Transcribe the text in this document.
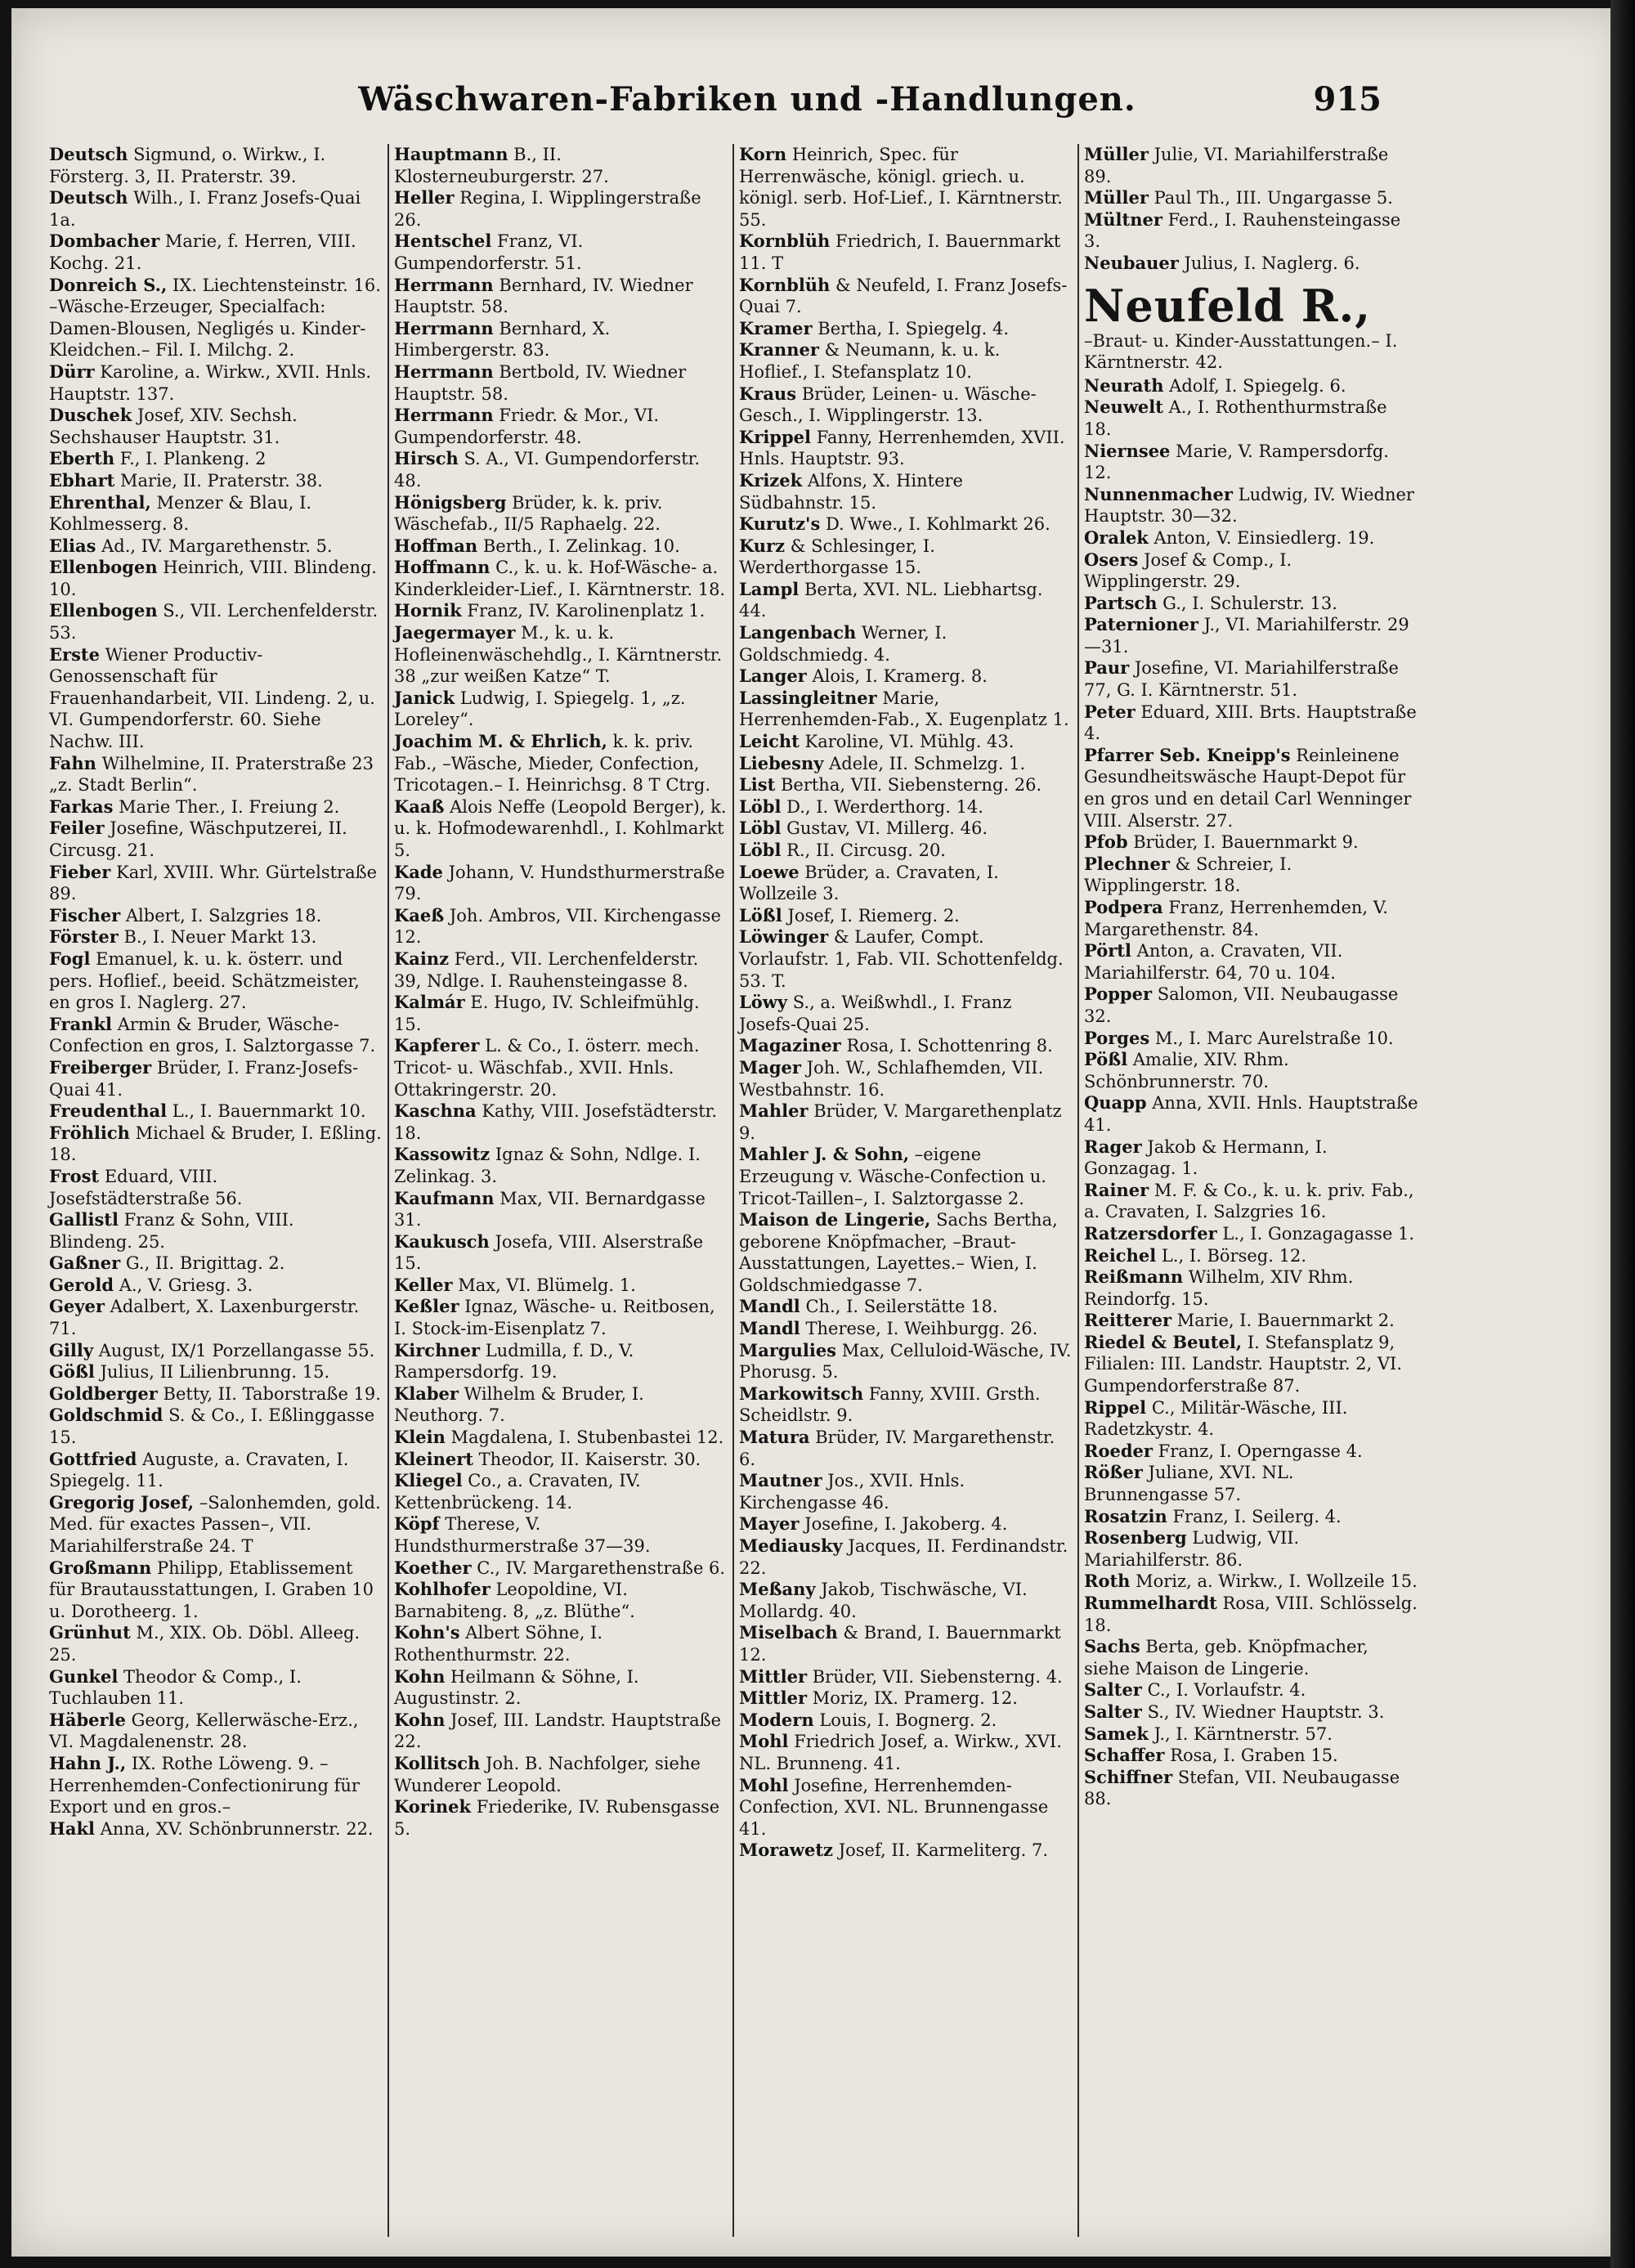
Wäschwaren-Fabriken und -Handlungen.	915

Deutsch Sigmund, o. Wirkw., I. Försterg. 3, II. Praterstr. 39.

Deutsch Wilh., I. Franz Josefs-Quai 1a.

Dombacher Marie, f. Herren, VIII. Kochg. 21.

Donreich S., IX. Liechtensteinstr. 16. –Wäsche-Erzeuger, Specialfach: Damen-Blousen, Negligés u. Kinder-Kleidchen.– Fil. I. Milchg. 2.

Dürr Karoline, a. Wirkw., XVII. Hnls. Hauptstr. 137.

Duschek Josef, XIV. Sechsh. Sechshauser Hauptstr. 31.

Eberth F., I. Plankeng. 2

Ebhart Marie, II. Praterstr. 38.

Ehrenthal, Menzer & Blau, I. Kohlmesserg. 8.

Elias Ad., IV. Margarethenstr. 5.

Ellenbogen Heinrich, VIII. Blindeng. 10.

Ellenbogen S., VII. Lerchenfelderstr. 53.

Erste Wiener Productiv-Genossenschaft für Frauenhandarbeit, VII. Lindeng. 2, u. VI. Gumpendorferstr. 60. Siehe Nachw. III.

Fahn Wilhelmine, II. Praterstraße 23 „z. Stadt Berlin“.

Farkas Marie Ther., I. Freiung 2.

Feiler Josefine, Wäschputzerei, II. Circusg. 21.

Fieber Karl, XVIII. Whr. Gürtelstraße 89.

Fischer Albert, I. Salzgries 18.

Förster B., I. Neuer Markt 13.

Fogl Emanuel, k. u. k. österr. und pers. Hoflief., beeid. Schätzmeister, en gros I. Naglerg. 27.

Frankl Armin & Bruder, Wäsche-Confection en gros, I. Salztorgasse 7.

Freiberger Brüder, I. Franz-Josefs-Quai 41.

Freudenthal L., I. Bauernmarkt 10.

Fröhlich Michael & Bruder, I. Eßling. 18.

Frost Eduard, VIII. Josefstädterstraße 56.

Gallistl Franz & Sohn, VIII. Blindeng. 25.

Gaßner G., II. Brigittag. 2.

Gerold A., V. Griesg. 3.

Geyer Adalbert, X. Laxenburgerstr. 71.

Gilly August, IX/1 Porzellangasse 55.

Gößl Julius, II Lilienbrunng. 15.

Goldberger Betty, II. Taborstraße 19.

Goldschmid S. & Co., I. Eßlinggasse 15.

Gottfried Auguste, a. Cravaten, I. Spiegelg. 11.

Gregorig Josef, –Salonhemden, gold. Med. für exactes Passen–, VII. Mariahilferstraße 24. T

Großmann Philipp, Etablissement für Brautausstattungen, I. Graben 10 u. Dorotheerg. 1.

Grünhut M., XIX. Ob. Döbl. Alleeg. 25.

Gunkel Theodor & Comp., I. Tuchlauben 11.

Häberle Georg, Kellerwäsche-Erz., VI. Magdalenenstr. 28.

Hahn J., IX. Rothe Löweng. 9. –Herrenhemden-Confectionirung für Export und en gros.–

Hakl Anna, XV. Schönbrunnerstr. 22.

Hauptmann B., II. Klosterneuburgerstr. 27.

Heller Regina, I. Wipplingerstraße 26.

Hentschel Franz, VI. Gumpendorferstr. 51.

Herrmann Bernhard, IV. Wiedner Hauptstr. 58.

Herrmann Bernhard, X. Himbergerstr. 83.

Herrmann Bertbold, IV. Wiedner Hauptstr. 58.

Herrmann Friedr. & Mor., VI. Gumpendorferstr. 48.

Hirsch S. A., VI. Gumpendorferstr. 48.

Hönigsberg Brüder, k. k. priv. Wäschefab., II/5 Raphaelg. 22.

Hoffman Berth., I. Zelinkag. 10.

Hoffmann C., k. u. k. Hof-Wäsche- a. Kinderkleider-Lief., I. Kärntnerstr. 18.

Hornik Franz, IV. Karolinenplatz 1.

Jaegermayer M., k. u. k. Hofleinenwäschehdlg., I. Kärntnerstr. 38 „zur weißen Katze“ T.

Janick Ludwig, I. Spiegelg. 1, „z. Loreley“.

Joachim M. & Ehrlich, k. k. priv. Fab., –Wäsche, Mieder, Confection, Tricotagen.– I. Heinrichsg. 8 T Ctrg.

Kaaß Alois Neffe (Leopold Berger), k. u. k. Hofmodewarenhdl., I. Kohlmarkt 5.

Kade Johann, V. Hundsthurmerstraße 79.

Kaeß Joh. Ambros, VII. Kirchengasse 12.

Kainz Ferd., VII. Lerchenfelderstr. 39, Ndlge. I. Rauhensteingasse 8.

Kalmár E. Hugo, IV. Schleifmühlg. 15.

Kapferer L. & Co., I. österr. mech. Tricot- u. Wäschfab., XVII. Hnls. Ottakringerstr. 20.

Kaschna Kathy, VIII. Josefstädterstr. 18.

Kassowitz Ignaz & Sohn, Ndlge. I. Zelinkag. 3.

Kaufmann Max, VII. Bernardgasse 31.

Kaukusch Josefa, VIII. Alserstraße 15.

Keller Max, VI. Blümelg. 1.

Keßler Ignaz, Wäsche- u. Reitbosen, I. Stock-im-Eisenplatz 7.

Kirchner Ludmilla, f. D., V. Rampersdorfg. 19.

Klaber Wilhelm & Bruder, I. Neuthorg. 7.

Klein Magdalena, I. Stubenbastei 12.

Kleinert Theodor, II. Kaiserstr. 30.

Kliegel Co., a. Cravaten, IV. Kettenbrückeng. 14.

Köpf Therese, V. Hundsthurmerstraße 37—39.

Koether C., IV. Margarethenstraße 6.

Kohlhofer Leopoldine, VI. Barnabiteng. 8, „z. Blüthe“.

Kohn's Albert Söhne, I. Rothenthurmstr. 22.

Kohn Heilmann & Söhne, I. Augustinstr. 2.

Kohn Josef, III. Landstr. Hauptstraße 22.

Kollitsch Joh. B. Nachfolger, siehe Wunderer Leopold.

Korinek Friederike, IV. Rubensgasse 5.

Korn Heinrich, Spec. für Herrenwäsche, königl. griech. u. königl. serb. Hof-Lief., I. Kärntnerstr. 55.

Kornblüh Friedrich, I. Bauernmarkt 11. T

Kornblüh & Neufeld, I. Franz Josefs-Quai 7.

Kramer Bertha, I. Spiegelg. 4.

Kranner & Neumann, k. u. k. Hoflief., I. Stefansplatz 10.

Kraus Brüder, Leinen- u. Wäsche-Gesch., I. Wipplingerstr. 13.

Krippel Fanny, Herrenhemden, XVII. Hnls. Hauptstr. 93.

Krizek Alfons, X. Hintere Südbahnstr. 15.

Kurutz's D. Wwe., I. Kohlmarkt 26.

Kurz & Schlesinger, I. Werderthorgasse 15.

Lampl Berta, XVI. NL. Liebhartsg. 44.

Langenbach Werner, I. Goldschmiedg. 4.

Langer Alois, I. Kramerg. 8.

Lassingleitner Marie, Herrenhemden-Fab., X. Eugenplatz 1.

Leicht Karoline, VI. Mühlg. 43.

Liebesny Adele, II. Schmelzg. 1.

List Bertha, VII. Siebensterng. 26.

Löbl D., I. Werderthorg. 14.

Löbl Gustav, VI. Millerg. 46.

Löbl R., II. Circusg. 20.

Loewe Brüder, a. Cravaten, I. Wollzeile 3.

Lößl Josef, I. Riemerg. 2.

Löwinger & Laufer, Compt. Vorlaufstr. 1, Fab. VII. Schottenfeldg. 53. T.

Löwy S., a. Weißwhdl., I. Franz Josefs-Quai 25.

Magaziner Rosa, I. Schottenring 8.

Mager Joh. W., Schlafhemden, VII. Westbahnstr. 16.

Mahler Brüder, V. Margarethenplatz 9.

Mahler J. & Sohn, –eigene Erzeugung v. Wäsche-Confection u. Tricot-Taillen–, I. Salztorgasse 2.

Maison de Lingerie, Sachs Bertha, geborene Knöpfmacher, –Braut-Ausstattungen, Layettes.– Wien, I. Goldschmiedgasse 7.

Mandl Ch., I. Seilerstätte 18.

Mandl Therese, I. Weihburgg. 26.

Margulies Max, Celluloid-Wäsche, IV. Phorusg. 5.

Markowitsch Fanny, XVIII. Grsth. Scheidlstr. 9.

Matura Brüder, IV. Margarethenstr. 6.

Mautner Jos., XVII. Hnls. Kirchengasse 46.

Mayer Josefine, I. Jakoberg. 4.

Mediausky Jacques, II. Ferdinandstr. 22.

Meßany Jakob, Tischwäsche, VI. Mollardg. 40.

Miselbach & Brand, I. Bauernmarkt 12.

Mittler Brüder, VII. Siebensterng. 4.

Mittler Moriz, IX. Pramerg. 12.

Modern Louis, I. Bognerg. 2.

Mohl Friedrich Josef, a. Wirkw., XVI. NL. Brunneng. 41.

Mohl Josefine, Herrenhemden-Confection, XVI. NL. Brunnengasse 41.

Morawetz Josef, II. Karmeliterg. 7.

Müller Julie, VI. Mariahilferstraße 89.

Müller Paul Th., III. Ungargasse 5.

Mültner Ferd., I. Rauhensteingasse 3.

Neubauer Julius, I. Naglerg. 6.

Neufeld R.,
–Braut- u. Kinder-Ausstattungen.– I. Kärntnerstr. 42.

Neurath Adolf, I. Spiegelg. 6.

Neuwelt A., I. Rothenthurmstraße 18.

Niernsee Marie, V. Rampersdorfg. 12.

Nunnenmacher Ludwig, IV. Wiedner Hauptstr. 30—32.

Oralek Anton, V. Einsiedlerg. 19.

Osers Josef & Comp., I. Wipplingerstr. 29.

Partsch G., I. Schulerstr. 13.

Paternioner J., VI. Mariahilferstr. 29—31.

Paur Josefine, VI. Mariahilferstraße 77, G. I. Kärntnerstr. 51.

Peter Eduard, XIII. Brts. Hauptstraße 4.

Pfarrer Seb. Kneipp's Reinleinene Gesundheitswäsche Haupt-Depot für en gros und en detail Carl Wenninger VIII. Alserstr. 27.

Pfob Brüder, I. Bauernmarkt 9.

Plechner & Schreier, I. Wipplingerstr. 18.

Podpera Franz, Herrenhemden, V. Margarethenstr. 84.

Pörtl Anton, a. Cravaten, VII. Mariahilferstr. 64, 70 u. 104.

Popper Salomon, VII. Neubaugasse 32.

Porges M., I. Marc Aurelstraße 10.

Pößl Amalie, XIV. Rhm. Schönbrunnerstr. 70.

Quapp Anna, XVII. Hnls. Hauptstraße 41.

Rager Jakob & Hermann, I. Gonzagag. 1.

Rainer M. F. & Co., k. u. k. priv. Fab., a. Cravaten, I. Salzgries 16.

Ratzersdorfer L., I. Gonzagagasse 1.

Reichel L., I. Börseg. 12.

Reißmann Wilhelm, XIV Rhm. Reindorfg. 15.

Reitterer Marie, I. Bauernmarkt 2.

Riedel & Beutel, I. Stefansplatz 9, Filialen: III. Landstr. Hauptstr. 2, VI. Gumpendorferstraße 87.

Rippel C., Militär-Wäsche, III. Radetzkystr. 4.

Roeder Franz, I. Operngasse 4.

Rößer Juliane, XVI. NL. Brunnengasse 57.

Rosatzin Franz, I. Seilerg. 4.

Rosenberg Ludwig, VII. Mariahilferstr. 86.

Roth Moriz, a. Wirkw., I. Wollzeile 15.

Rummelhardt Rosa, VIII. Schlösselg. 18.

Sachs Berta, geb. Knöpfmacher, siehe Maison de Lingerie.

Salter C., I. Vorlaufstr. 4.

Salter S., IV. Wiedner Hauptstr. 3.

Samek J., I. Kärntnerstr. 57.

Schaffer Rosa, I. Graben 15.

Schiffner Stefan, VII. Neubaugasse 88.
